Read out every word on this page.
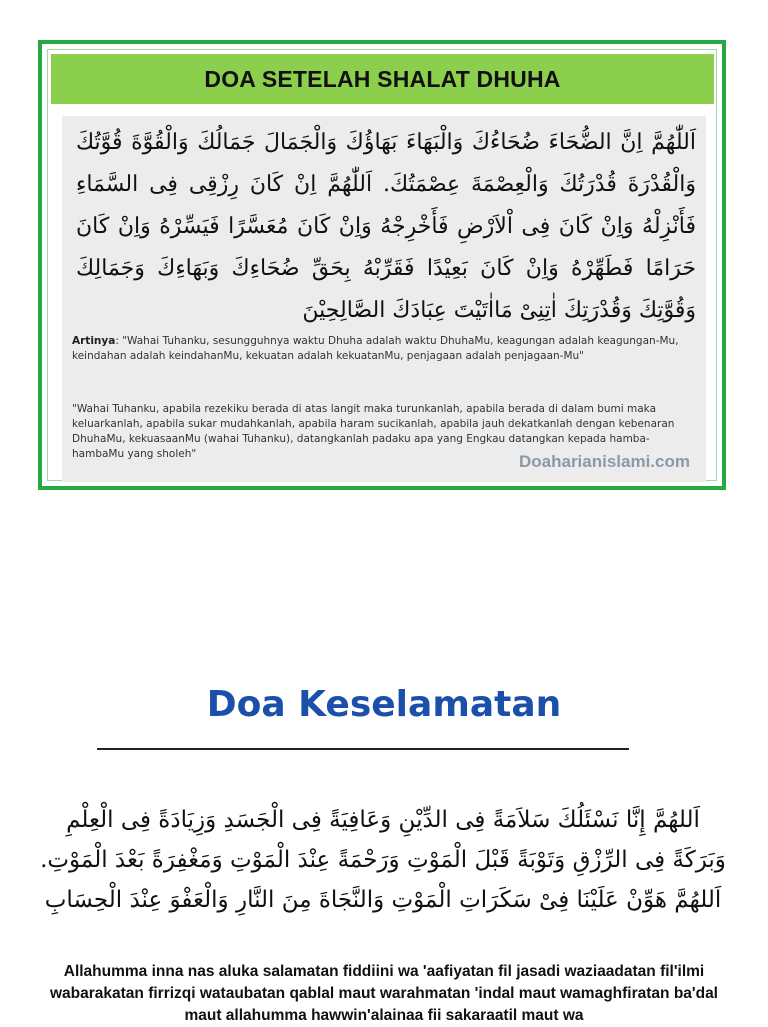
DOA SETELAH SHALAT DHUHA
اَللّٰهُمَّ اِنَّ الضُّحَاءَ ضُحَاءُكَ وَالْبَهَاءَ بَهَاؤُكَ وَالْجَمَالَ جَمَالُكَ وَالْقُوَّةَ قُوَّتُكَ وَالْقُدْرَةَ قُدْرَتُكَ وَالْعِصْمَةَ عِصْمَتُكَ. اَللّٰهُمَّ اِنْ كَانَ رِزْقِى فِى السَّمَاءِ فَأَنْزِلْهُ وَاِنْ كَانَ فِى اْلاَرْضِ فَأَخْرِجْهُ وَاِنْ كَانَ مُعَسَّرًا فَيَسِّرْهُ وَاِنْ كَانَ حَرَامًا فَطَهِّرْهُ وَاِنْ كَانَ بَعِيْدًا فَقَرِّبْهُ بِحَقِّ ضُحَاءِكَ وَبَهَاءِكَ وَجَمَالِكَ وَقُوَّتِكَ وَقُدْرَتِكَ اٰتِنِىْ مَااٰتَيْتَ عِبَادَكَ الصَّالِحِيْنَ
Artinya: "Wahai Tuhanku, sesungguhnya waktu Dhuha adalah waktu DhuhaMu, keagungan adalah keagungan-Mu, keindahan adalah keindahanMu, kekuatan adalah kekuatanMu, penjagaan adalah penjagaan-Mu"
"Wahai Tuhanku, apabila rezekiku berada di atas langit maka turunkanlah, apabila berada di dalam bumi maka keluarkanlah, apabila sukar mudahkanlah, apabila haram sucikanlah, apabila jauh dekatkanlah dengan kebenaran DhuhaMu, kekuasaanMu (wahai Tuhanku), datangkanlah padaku apa yang Engkau datangkan kepada hamba-hambaMu yang sholeh"	Doaharianislami.com
Doa Keselamatan
اَللهُمَّ إِنَّا نَسْئَلُكَ سَلاَمَةً فِى الدِّيْنِ وَعَافِيَةً فِى الْجَسَدِ وَزِيَادَةً فِى الْعِلْمِ وَبَرَكَةً فِى الرِّزْقِ وَتَوْبَةً قَبْلَ الْمَوْتِ وَرَحْمَةً عِنْدَ الْمَوْتِ وَمَغْفِرَةً بَعْدَ الْمَوْتِ. اَللهُمَّ هَوِّنْ عَلَيْنَا فِىْ سَكَرَاتِ الْمَوْتِ وَالنَّجَاةَ مِنَ النَّارِ وَالْعَفْوَ عِنْدَ الْحِسَابِ
Allahumma inna nas aluka salamatan fiddiini wa 'aafiyatan fil jasadi waziaadatan fil'ilmi wabarakatan firrizqi wataubatan qablal maut warahmatan 'indal maut wamaghfiratan ba'dal maut allahumma hawwin'alainaa fii sakaraatil maut wa
